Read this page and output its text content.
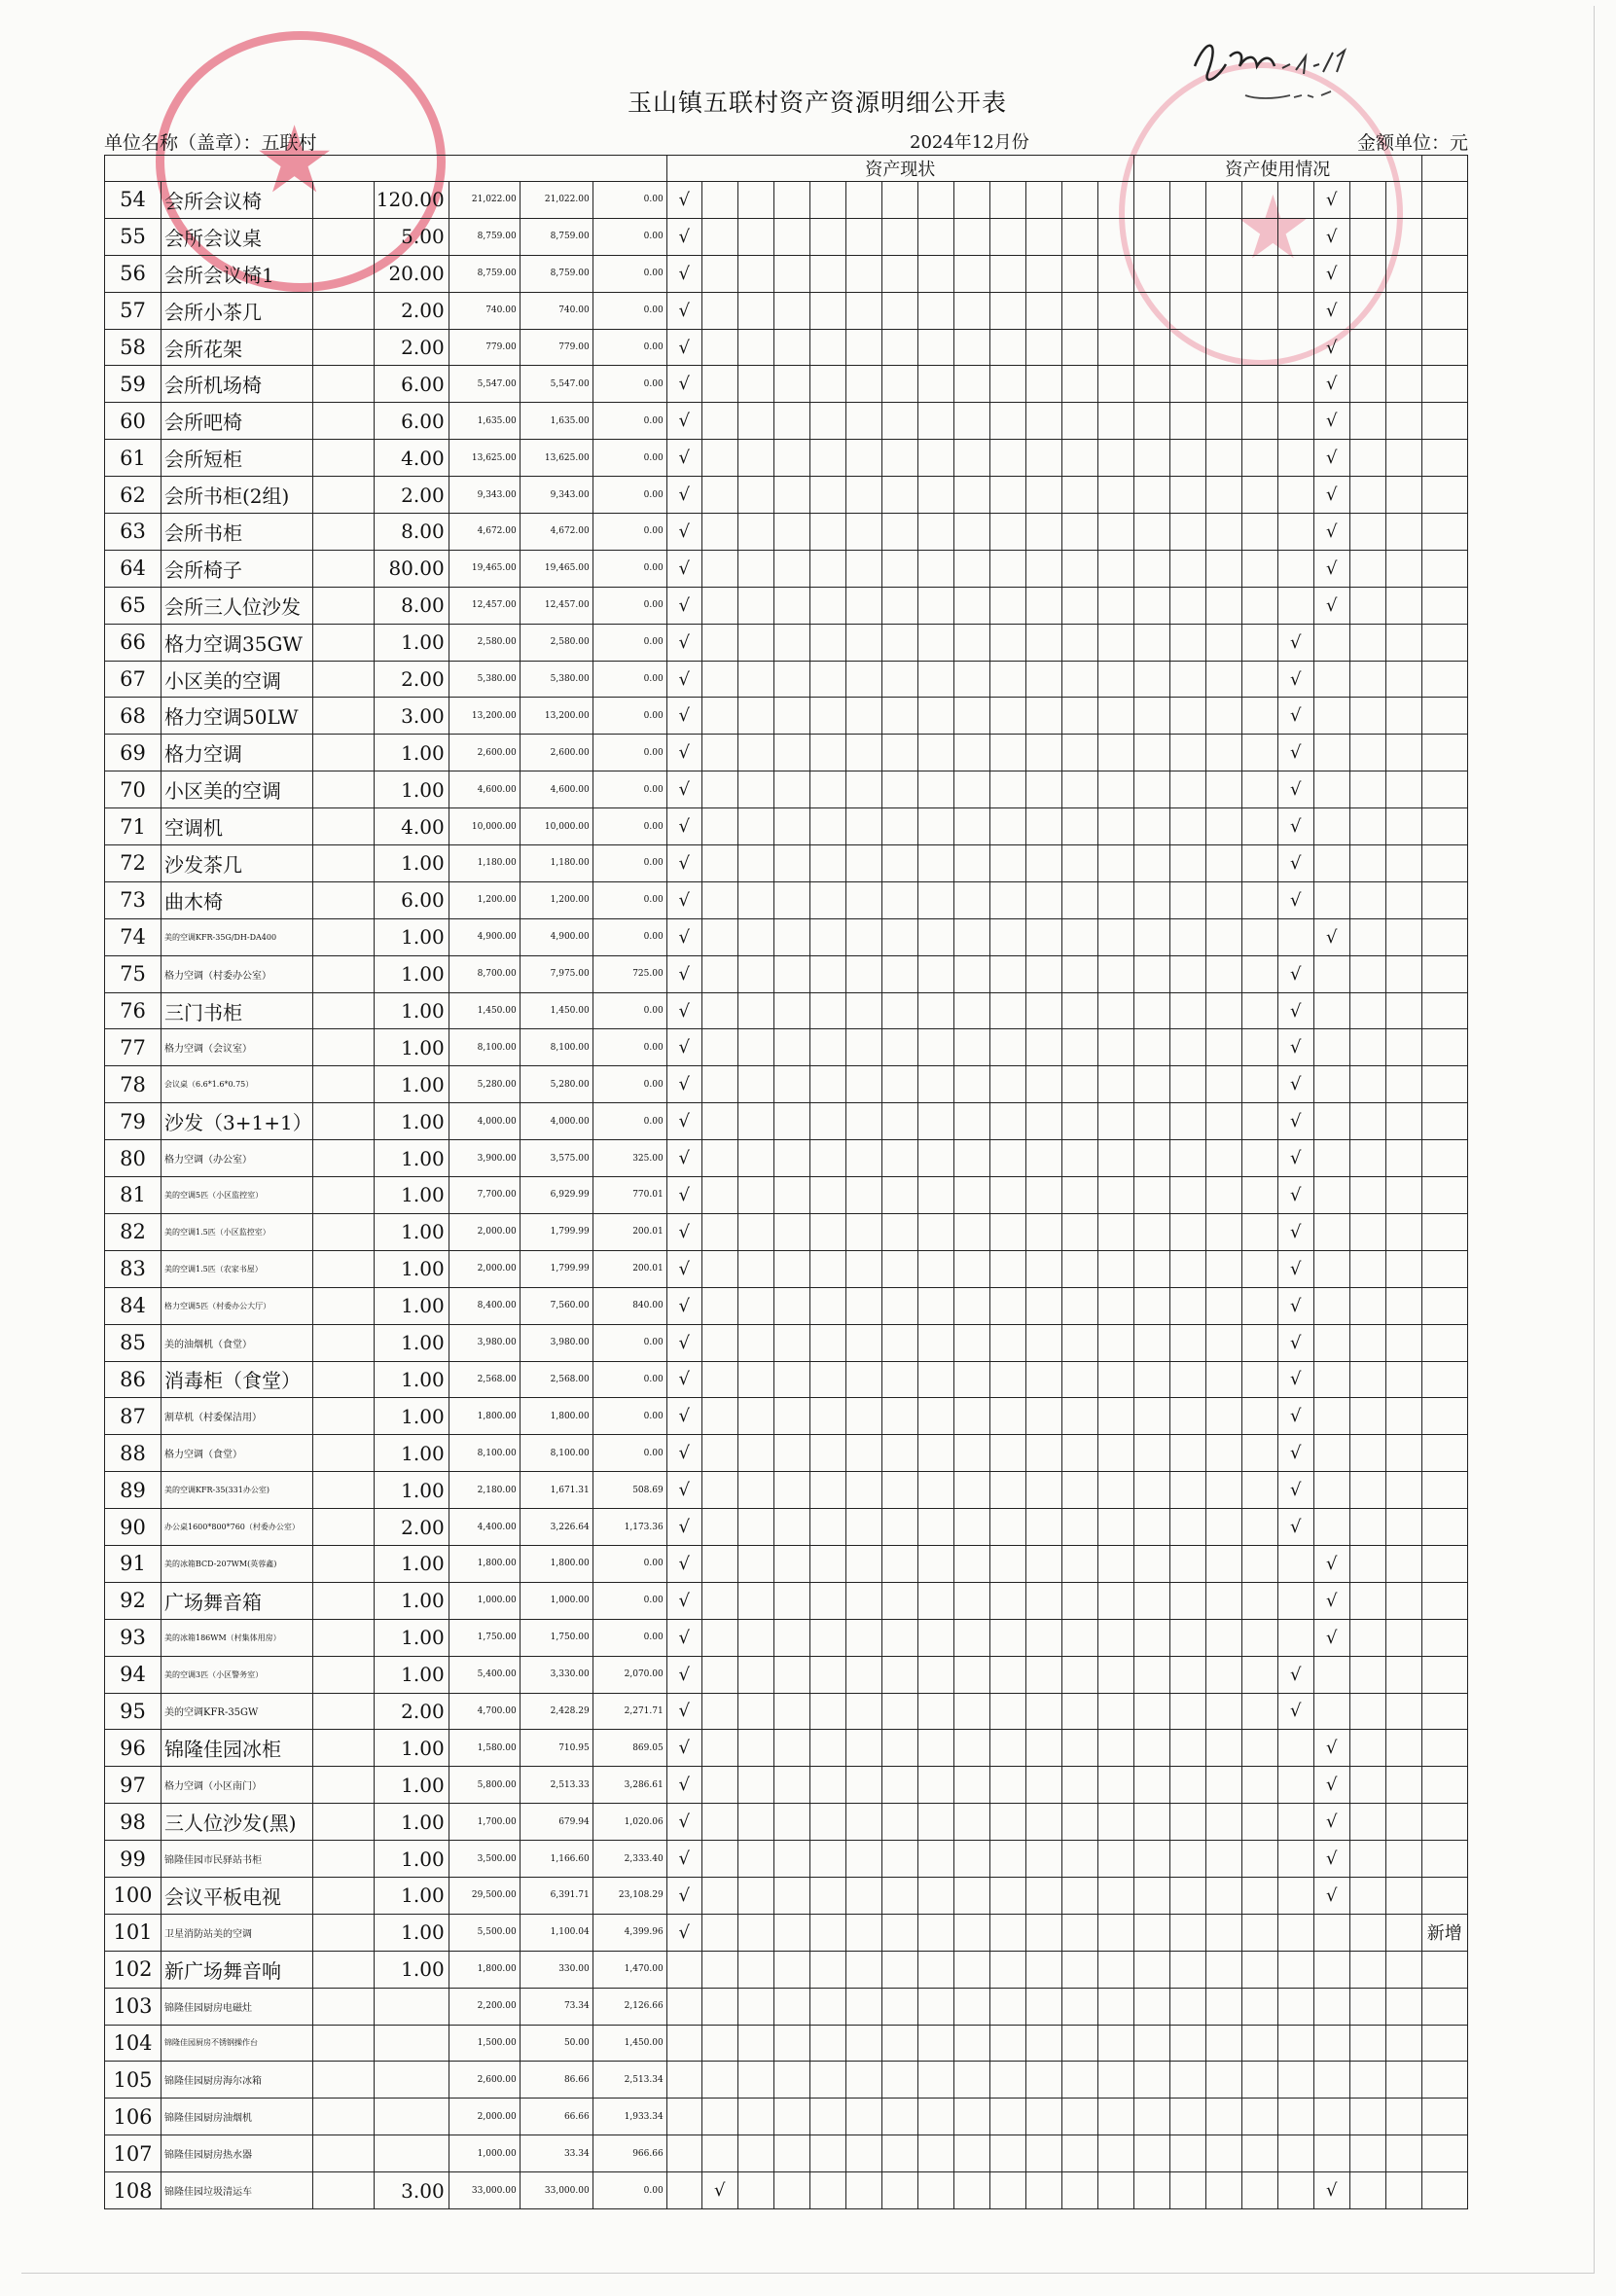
★
★
玉山镇五联村资产资源明细公开表
单位名称（盖章）：五联村	2024年12月份	金额单位：元
							资产现状													资产使用情况								
54	会所会议椅		120.00	21,022.00	21,022.00	0.00	√																		√			
55	会所会议桌		5.00	8,759.00	8,759.00	0.00	√																		√			
56	会所会议椅1		20.00	8,759.00	8,759.00	0.00	√																		√			
57	会所小茶几		2.00	740.00	740.00	0.00	√																		√			
58	会所花架		2.00	779.00	779.00	0.00	√																		√			
59	会所机场椅		6.00	5,547.00	5,547.00	0.00	√																		√			
60	会所吧椅		6.00	1,635.00	1,635.00	0.00	√																		√			
61	会所短柜		4.00	13,625.00	13,625.00	0.00	√																		√			
62	会所书柜(2组)		2.00	9,343.00	9,343.00	0.00	√																		√			
63	会所书柜		8.00	4,672.00	4,672.00	0.00	√																		√			
64	会所椅子		80.00	19,465.00	19,465.00	0.00	√																		√			
65	会所三人位沙发		8.00	12,457.00	12,457.00	0.00	√																		√			
66	格力空调35GW		1.00	2,580.00	2,580.00	0.00	√																	√				
67	小区美的空调		2.00	5,380.00	5,380.00	0.00	√																	√				
68	格力空调50LW		3.00	13,200.00	13,200.00	0.00	√																	√				
69	格力空调		1.00	2,600.00	2,600.00	0.00	√																	√				
70	小区美的空调		1.00	4,600.00	4,600.00	0.00	√																	√				
71	空调机		4.00	10,000.00	10,000.00	0.00	√																	√				
72	沙发茶几		1.00	1,180.00	1,180.00	0.00	√																	√				
73	曲木椅		6.00	1,200.00	1,200.00	0.00	√																	√				
74	美的空调KFR-35G/DH-DA400		1.00	4,900.00	4,900.00	0.00	√																		√			
75	格力空调（村委办公室）		1.00	8,700.00	7,975.00	725.00	√																	√				
76	三门书柜		1.00	1,450.00	1,450.00	0.00	√																	√				
77	格力空调（会议室）		1.00	8,100.00	8,100.00	0.00	√																	√				
78	会议桌（6.6*1.6*0.75）		1.00	5,280.00	5,280.00	0.00	√																	√				
79	沙发（3+1+1）		1.00	4,000.00	4,000.00	0.00	√																	√				
80	格力空调（办公室）		1.00	3,900.00	3,575.00	325.00	√																	√				
81	美的空调5匹（小区监控室）		1.00	7,700.00	6,929.99	770.01	√																	√				
82	美的空调1.5匹（小区监控室）		1.00	2,000.00	1,799.99	200.01	√																	√				
83	美的空调1.5匹（农家书屋）		1.00	2,000.00	1,799.99	200.01	√																	√				
84	格力空调5匹（村委办公大厅）		1.00	8,400.00	7,560.00	840.00	√																	√				
85	美的油烟机（食堂）		1.00	3,980.00	3,980.00	0.00	√																	√				
86	消毒柜（食堂）		1.00	2,568.00	2,568.00	0.00	√																	√				
87	割草机（村委保洁用）		1.00	1,800.00	1,800.00	0.00	√																	√				
88	格力空调（食堂）		1.00	8,100.00	8,100.00	0.00	√																	√				
89	美的空调KFR-35(331办公室)		1.00	2,180.00	1,671.31	508.69	√																	√				
90	办公桌1600*800*760（村委办公室）		2.00	4,400.00	3,226.64	1,173.36	√																	√				
91	美的冰箱BCD-207WM(英蓉鑫)		1.00	1,800.00	1,800.00	0.00	√																		√			
92	广场舞音箱		1.00	1,000.00	1,000.00	0.00	√																		√			
93	美的冰箱186WM（村集体用房）		1.00	1,750.00	1,750.00	0.00	√																		√			
94	美的空调3匹（小区警务室）		1.00	5,400.00	3,330.00	2,070.00	√																	√				
95	美的空调KFR-35GW		2.00	4,700.00	2,428.29	2,271.71	√																	√				
96	锦隆佳园冰柜		1.00	1,580.00	710.95	869.05	√																		√			
97	格力空调（小区南门）		1.00	5,800.00	2,513.33	3,286.61	√																		√			
98	三人位沙发(黑)		1.00	1,700.00	679.94	1,020.06	√																		√			
99	锦隆佳园市民驿站书柜		1.00	3,500.00	1,166.60	2,333.40	√																		√			
100	会议平板电视		1.00	29,500.00	6,391.71	23,108.29	√																		√			
101	卫星消防站美的空调		1.00	5,500.00	1,100.04	4,399.96	√																					新增
102	新广场舞音响		1.00	1,800.00	330.00	1,470.00																						
103	锦隆佳园厨房电磁灶			2,200.00	73.34	2,126.66																						
104	锦隆佳园厨房不锈钢操作台			1,500.00	50.00	1,450.00																						
105	锦隆佳园厨房海尔冰箱			2,600.00	86.66	2,513.34																						
106	锦隆佳园厨房油烟机			2,000.00	66.66	1,933.34																						
107	锦隆佳园厨房热水器			1,000.00	33.34	966.66																						
108	锦隆佳园垃圾清运车		3.00	33,000.00	33,000.00	0.00		√																	√			
